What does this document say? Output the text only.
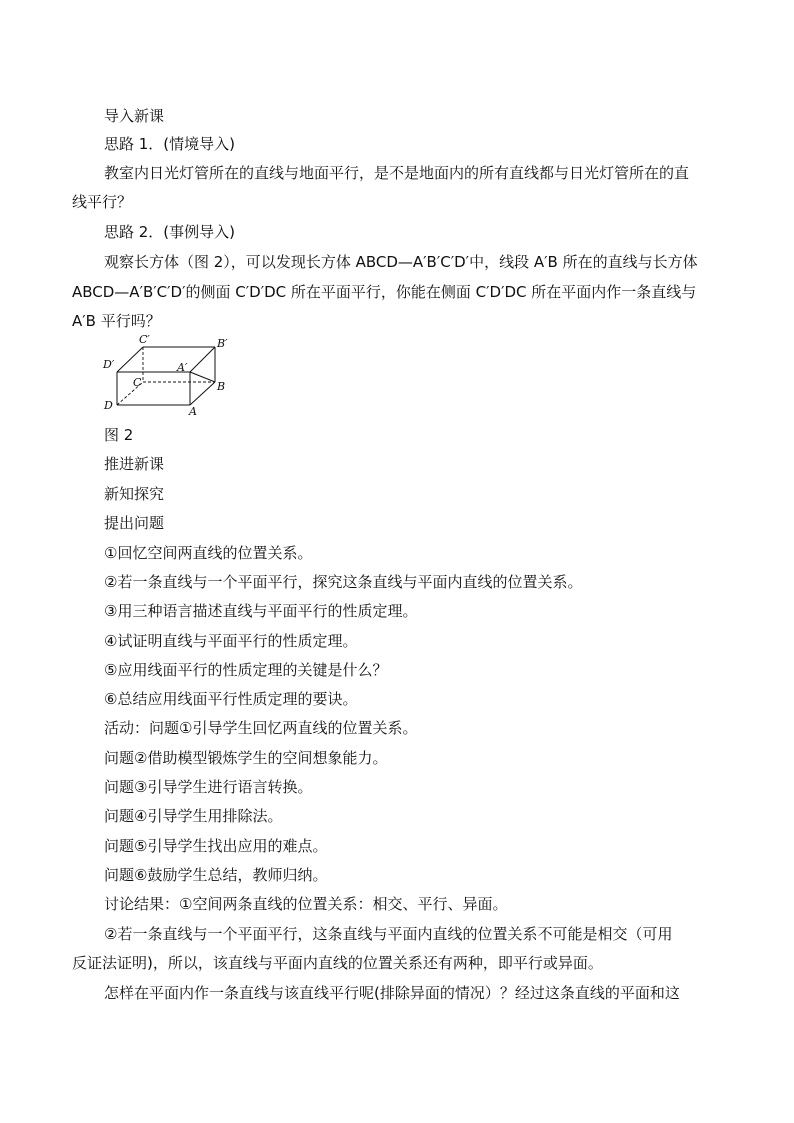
导入新课
思路 1．(情境导入)
教室内日光灯管所在的直线与地面平行，是不是地面内的所有直线都与日光灯管所在的直
线平行？
思路 2．(事例导入)
观察长方体（图 2），可以发现长方体 ABCD—A′B′C′D′中，线段 A′B 所在的直线与长方体
ABCD—A′B′C′D′的侧面 C′D′DC 所在平面平行，你能在侧面 C′D′DC 所在平面内作一条直线与
A′B 平行吗？
C′	B′
D′	A′
C	B
D	A
图 2
推进新课
新知探究
提出问题
①回忆空间两直线的位置关系。
②若一条直线与一个平面平行，探究这条直线与平面内直线的位置关系。
③用三种语言描述直线与平面平行的性质定理。
④试证明直线与平面平行的性质定理。
⑤应用线面平行的性质定理的关键是什么？
⑥总结应用线面平行性质定理的要诀。
活动：问题①引导学生回忆两直线的位置关系。
问题②借助模型锻炼学生的空间想象能力。
问题③引导学生进行语言转换。
问题④引导学生用排除法。
问题⑤引导学生找出应用的难点。
问题⑥鼓励学生总结，教师归纳。
讨论结果：①空间两条直线的位置关系：相交、平行、异面。
②若一条直线与一个平面平行，这条直线与平面内直线的位置关系不可能是相交（可用
反证法证明)，所以，该直线与平面内直线的位置关系还有两种，即平行或异面。
怎样在平面内作一条直线与该直线平行呢(排除异面的情况）？经过这条直线的平面和这
